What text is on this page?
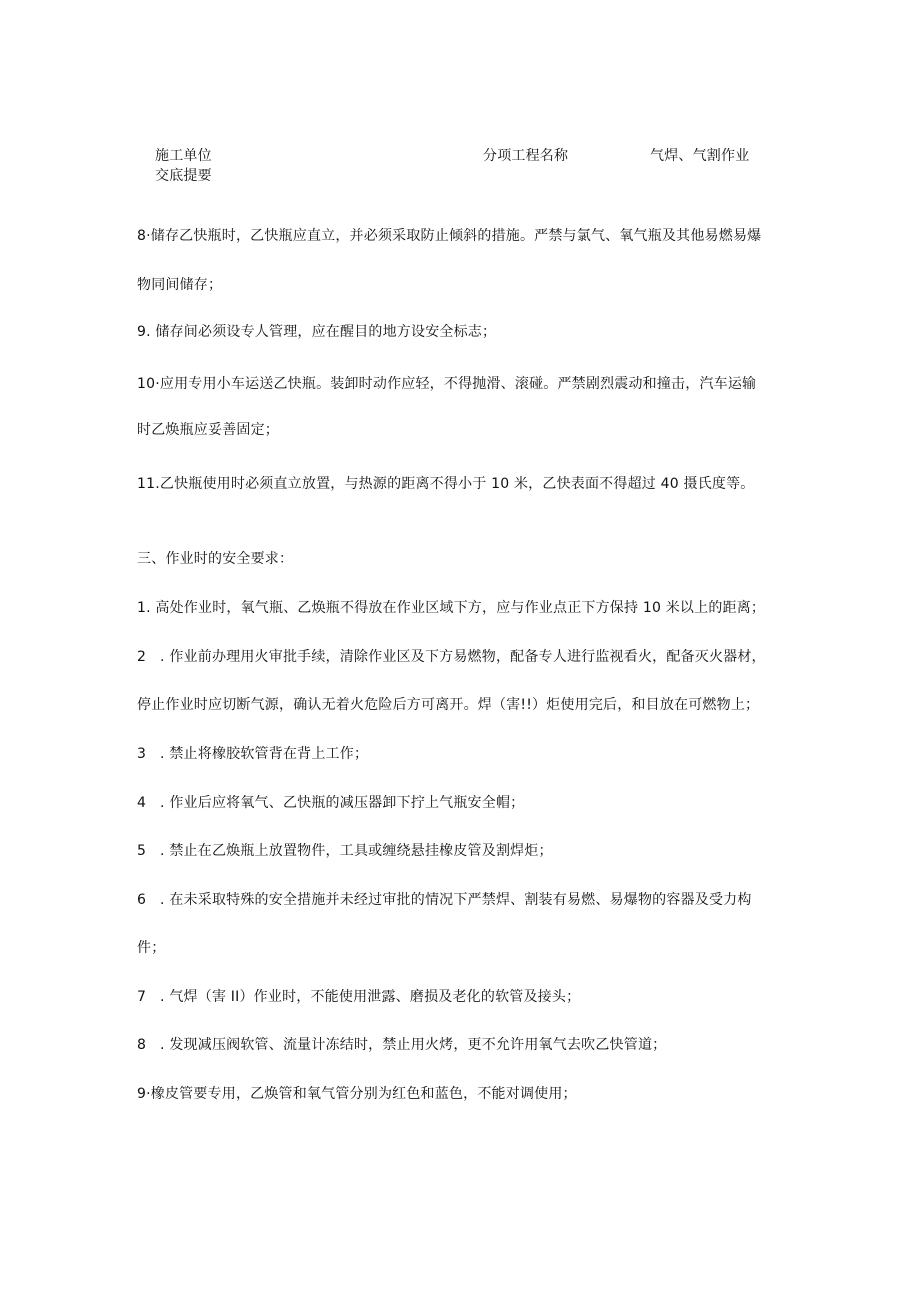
施工单位	分项工程名称	气焊、气割作业
交底提要
8·储存乙快瓶时，乙快瓶应直立，并必须采取防止倾斜的措施。严禁与氯气、氧气瓶及其他易燃易爆
物同间储存；
9. 储存间必须设专人管理，应在醒目的地方设安全标志；
10·应用专用小车运送乙快瓶。装卸时动作应轻，不得抛滑、滚碰。严禁剧烈震动和撞击，汽车运输
时乙焕瓶应妥善固定；
11.乙快瓶使用时必须直立放置，与热源的距离不得小于 10 米，乙快表面不得超过 40 摄氏度等。
三、作业时的安全要求：
1. 高处作业时，氧气瓶、乙焕瓶不得放在作业区域下方，应与作业点正下方保持 10 米以上的距离；
2   . 作业前办理用火审批手续，清除作业区及下方易燃物，配备专人进行监视看火，配备灭火器材，
停止作业时应切断气源，确认无着火危险后方可离开。焊（害!!）炬使用完后，和目放在可燃物上；
3   . 禁止将橡胶软管背在背上工作；
4   . 作业后应将氧气、乙快瓶的减压器卸下拧上气瓶安全帽；
5   . 禁止在乙焕瓶上放置物件，工具或缠绕悬挂橡皮管及割焊炬；
6   . 在未采取特殊的安全措施并未经过审批的情况下严禁焊、割装有易燃、易爆物的容器及受力构
件；
7   . 气焊（害 II）作业时，不能使用泄露、磨损及老化的软管及接头；
8   . 发现减压阀软管、流量计冻结时，禁止用火烤，更不允许用氧气去吹乙快管道；
9·橡皮管要专用，乙焕管和氧气管分别为红色和蓝色，不能对调使用；
